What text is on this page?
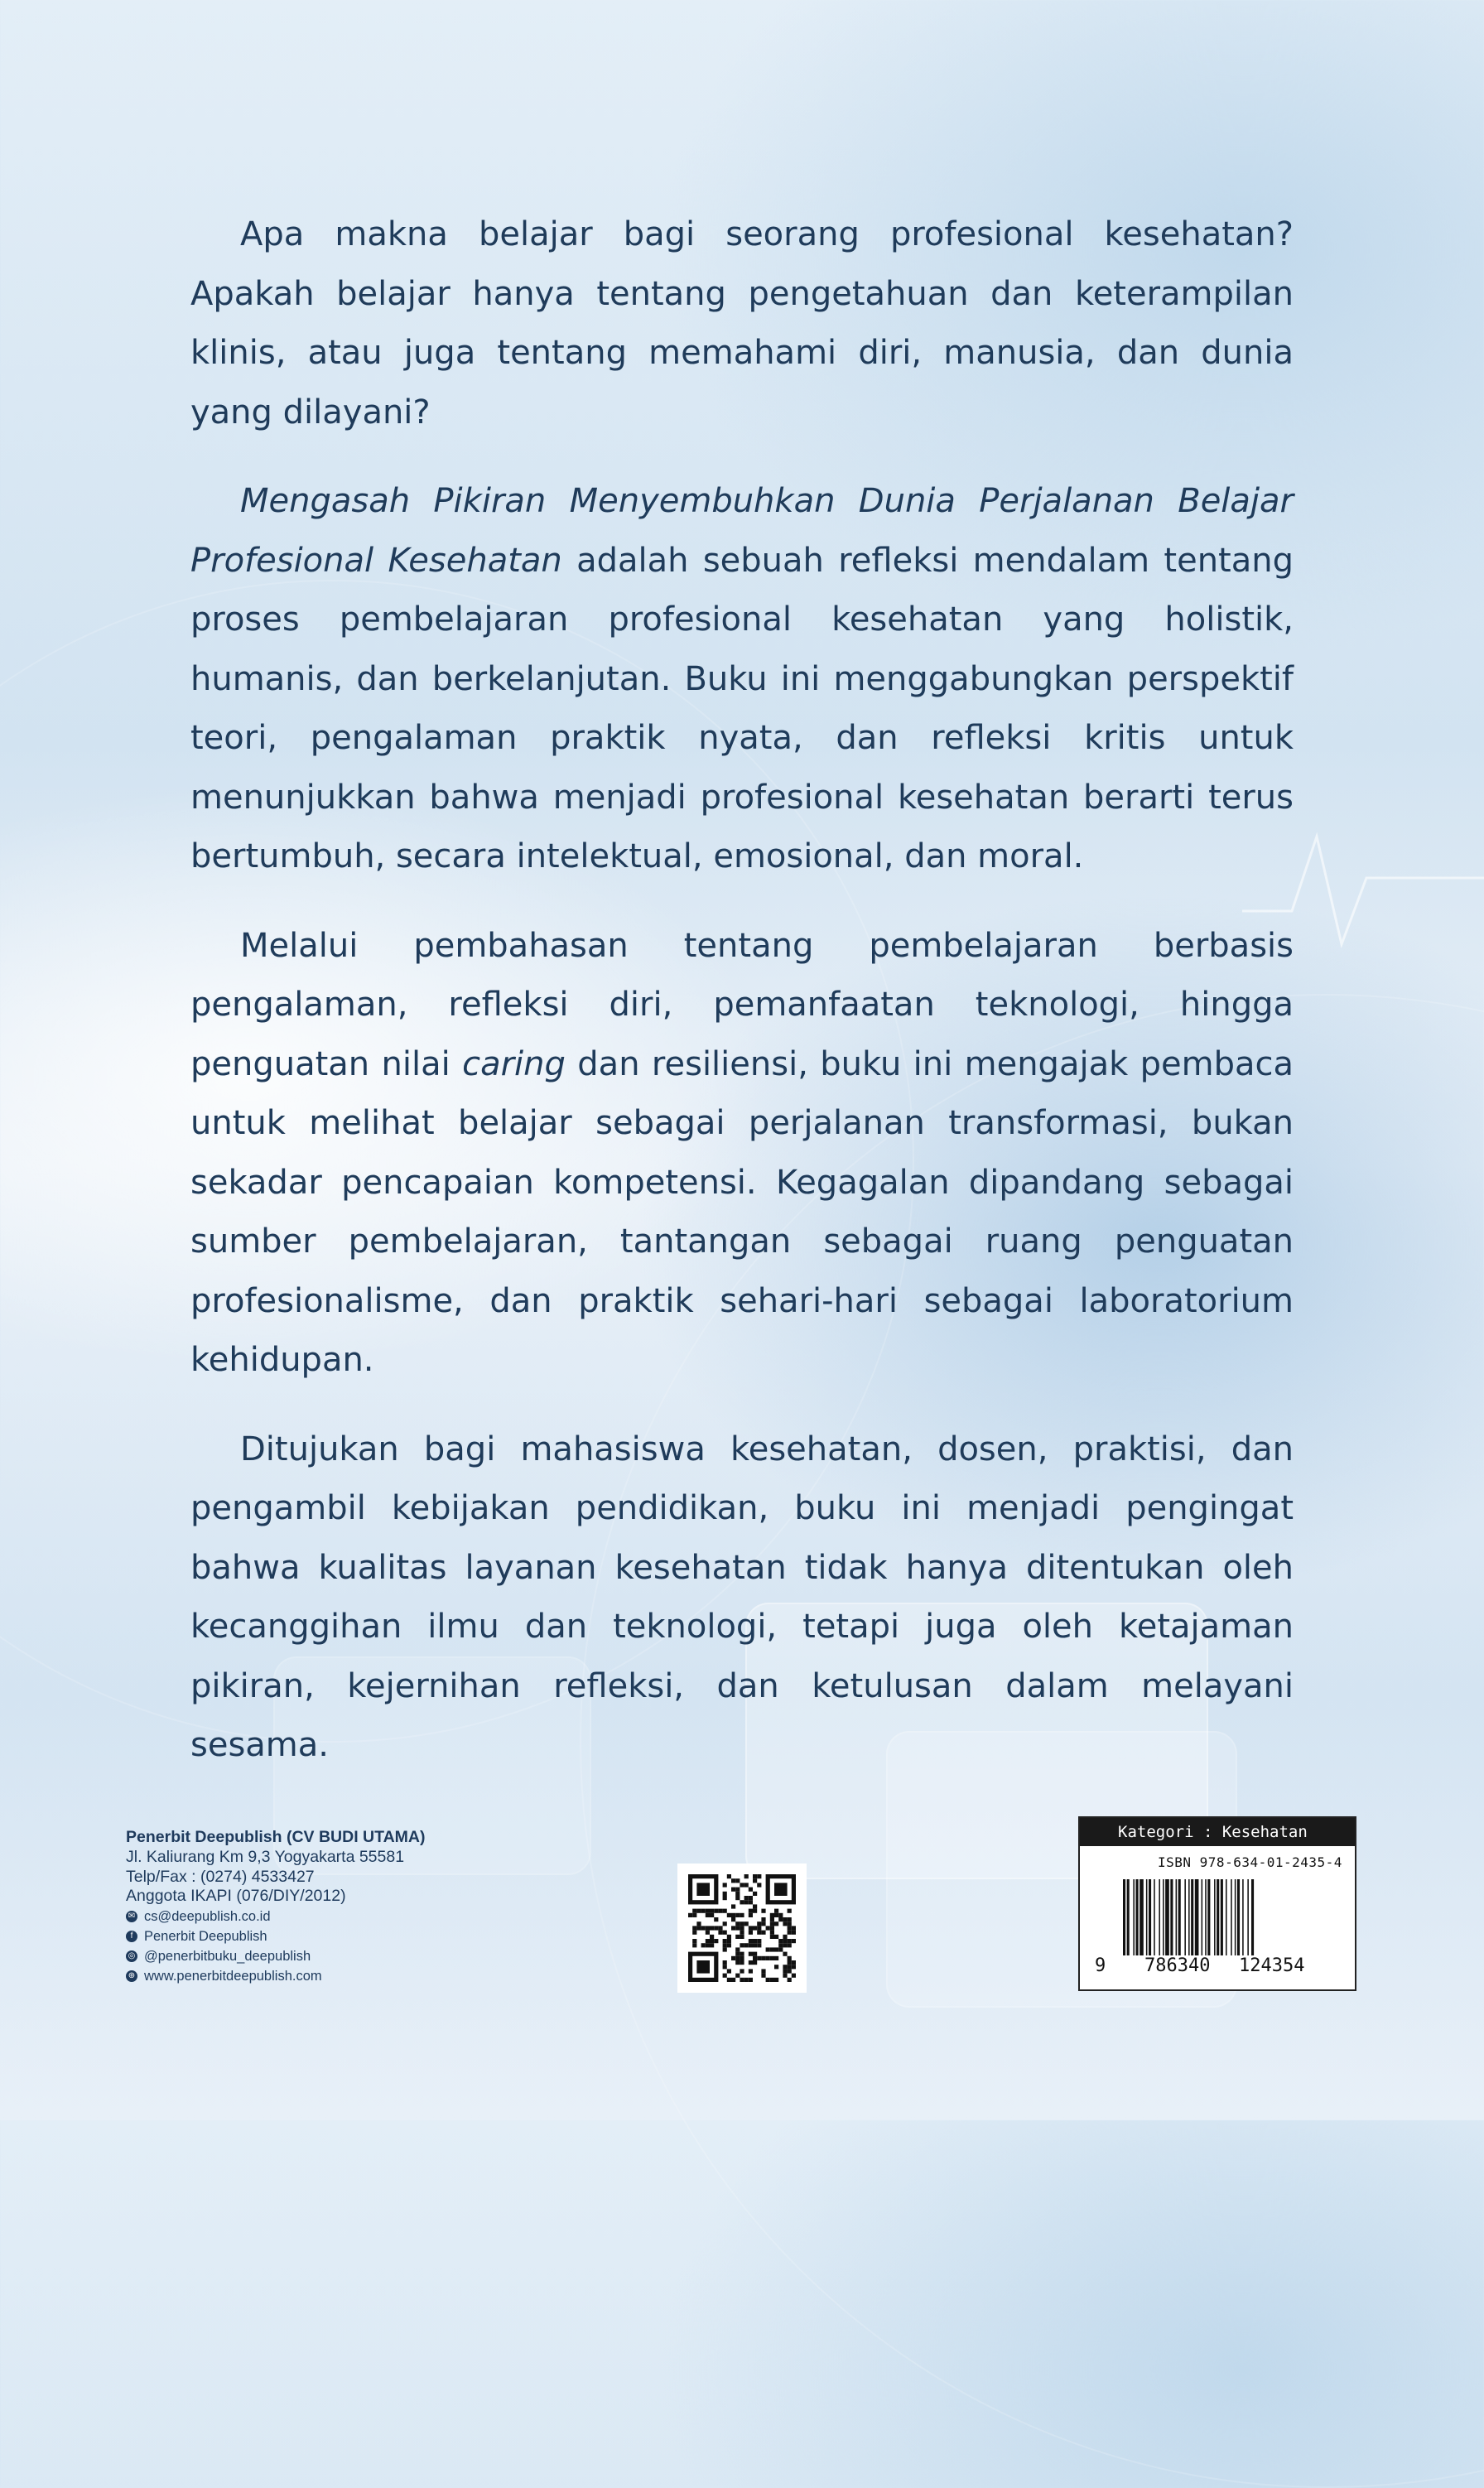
Apa makna belajar bagi seorang profesional kesehatan? Apakah belajar hanya tentang pengetahuan dan keterampilan klinis, atau juga tentang memahami diri, manusia, dan dunia yang dilayani?

Mengasah Pikiran Menyembuhkan Dunia Perjalanan Belajar Profesional Kesehatan adalah sebuah refleksi mendalam tentang proses pembelajaran profesional kesehatan yang holistik, humanis, dan berkelanjutan. Buku ini menggabungkan perspektif teori, pengalaman praktik nyata, dan refleksi kritis untuk menunjukkan bahwa menjadi profesional kesehatan berarti terus bertumbuh, secara intelektual, emosional, dan moral.

Melalui pembahasan tentang pembelajaran berbasis pengalaman, refleksi diri, pemanfaatan teknologi, hingga penguatan nilai caring dan resiliensi, buku ini mengajak pembaca untuk melihat belajar sebagai perjalanan transformasi, bukan sekadar pencapaian kompetensi. Kegagalan dipandang sebagai sumber pembelajaran, tantangan sebagai ruang penguatan profesionalisme, dan praktik sehari-hari sebagai laboratorium kehidupan.

Ditujukan bagi mahasiswa kesehatan, dosen, praktisi, dan pengambil kebijakan pendidikan, buku ini menjadi pengingat bahwa kualitas layanan kesehatan tidak hanya ditentukan oleh kecanggihan ilmu dan teknologi, tetapi juga oleh ketajaman pikiran, kejernihan refleksi, dan ketulusan dalam melayani sesama.

Penerbit Deepublish (CV BUDI UTAMA)
Jl. Kaliurang Km 9,3 Yogyakarta 55581
Telp/Fax : (0274) 4533427
Anggota IKAPI (076/DIY/2012)
✉ cs@deepublish.co.id
f Penerbit Deepublish
◎ @penerbitbuku_deepublish
⊕ www.penerbitdeepublish.com
Kategori : Kesehatan
ISBN 978-634-01-2435-4
9 786340 124354
